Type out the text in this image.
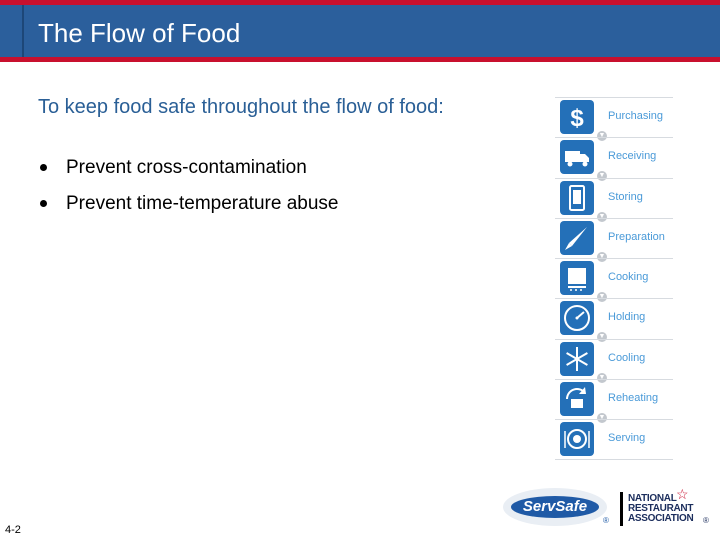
The Flow of Food
To keep food safe throughout the flow of food:
Prevent cross-contamination
Prevent time-temperature abuse
$
▼
Purchasing
▼
Receiving
▼
Storing
▼
Preparation
▼
Cooking
▼
Holding
▼
Cooling
▼
Reheating
Serving
4-2
ServSafe
®
NATIONAL
RESTAURANT
ASSOCIATION
☆
®
